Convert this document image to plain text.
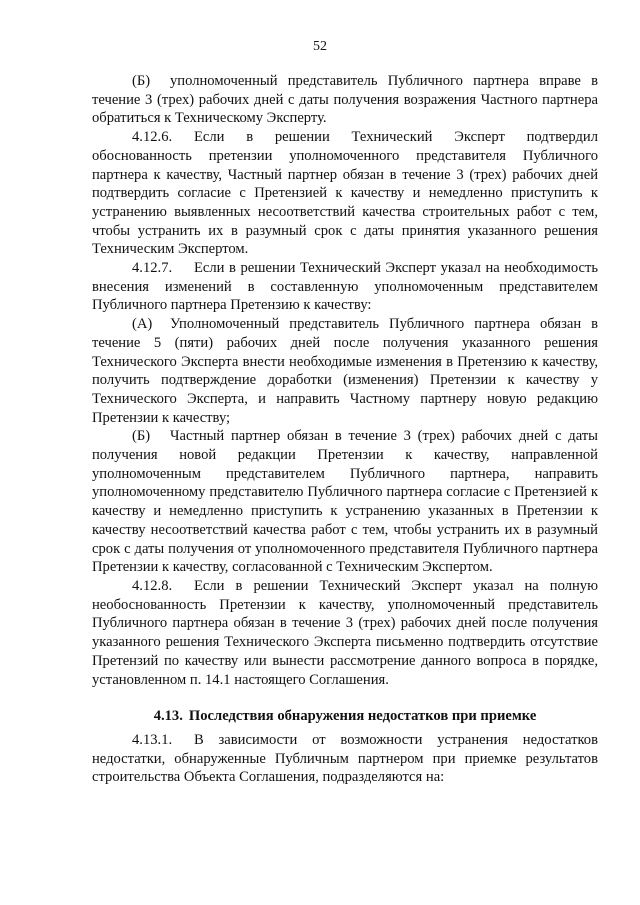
52

(Б) уполномоченный представитель Публичного партнера вправе в течение 3 (трех) рабочих дней с даты получения возражения Частного партнера обратиться к Техническому Эксперту.

4.12.6. Если в решении Технический Эксперт подтвердил обоснованность претензии уполномоченного представителя Публичного партнера к качеству, Частный партнер обязан в течение 3 (трех) рабочих дней подтвердить согласие с Претензией к качеству и немедленно приступить к устранению выявленных несоответствий качества строительных работ с тем, чтобы устранить их в разумный срок с даты принятия указанного решения Техническим Экспертом.

4.12.7. Если в решении Технический Эксперт указал на необходимость внесения изменений в составленную уполномоченным представителем Публичного партнера Претензию к качеству:

(А) Уполномоченный представитель Публичного партнера обязан в течение 5 (пяти) рабочих дней после получения указанного решения Технического Эксперта внести необходимые изменения в Претензию к качеству, получить подтверждение доработки (изменения) Претензии к качеству у Технического Эксперта, и направить Частному партнеру новую редакцию Претензии к качеству;

(Б) Частный партнер обязан в течение 3 (трех) рабочих дней с даты получения новой редакции Претензии к качеству, направленной уполномоченным представителем Публичного партнера, направить уполномоченному представителю Публичного партнера согласие с Претензией к качеству и немедленно приступить к устранению указанных в Претензии к качеству несоответствий качества работ с тем, чтобы устранить их в разумный срок с даты получения от уполномоченного представителя Публичного партнера Претензии к качеству, согласованной с Техническим Экспертом.

4.12.8. Если в решении Технический Эксперт указал на полную необоснованность Претензии к качеству, уполномоченный представитель Публичного партнера обязан в течение 3 (трех) рабочих дней после получения указанного решения Технического Эксперта письменно подтвердить отсутствие Претензий по качеству или вынести рассмотрение данного вопроса в порядке, установленном п. 14.1 настоящего Соглашения.

4.13. Последствия обнаружения недостатков при приемке

4.13.1. В зависимости от возможности устранения недостатков недостатки, обнаруженные Публичным партнером при приемке результатов строительства Объекта Соглашения, подразделяются на:
